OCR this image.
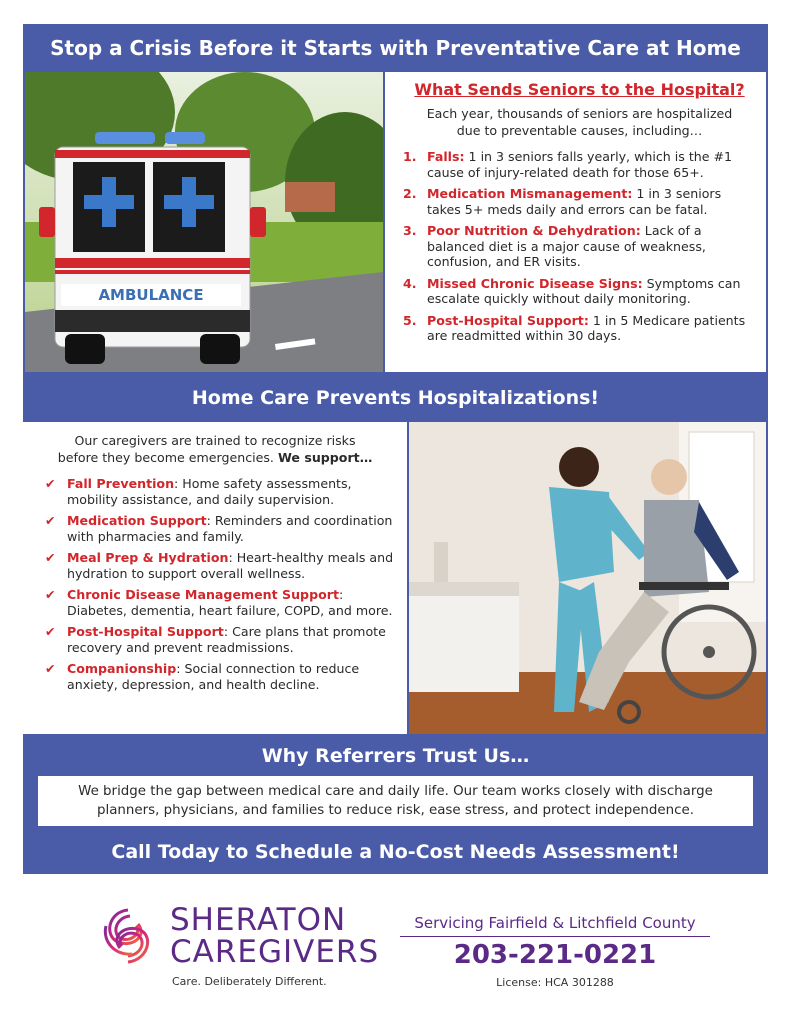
Stop a Crisis Before it Starts with Preventative Care at Home
AMBULANCE
What Sends Seniors to the Hospital?
Each year, thousands of seniors are hospitalized
due to preventable causes, including…
1. Falls: 1 in 3 seniors falls yearly, which is the #1 cause of injury-related death for those 65+.
2. Medication Mismanagement: 1 in 3 seniors takes 5+ meds daily and errors can be fatal.
3. Poor Nutrition & Dehydration: Lack of a balanced diet is a major cause of weakness, confusion, and ER visits.
4. Missed Chronic Disease Signs: Symptoms can escalate quickly without daily monitoring.
5. Post-Hospital Support: 1 in 5 Medicare patients are readmitted within 30 days.
Home Care Prevents Hospitalizations!
Our caregivers are trained to recognize risks
before they become emergencies. We support…
✔ Fall Prevention: Home safety assessments, mobility assistance, and daily supervision.
✔ Medication Support: Reminders and coordination with pharmacies and family.
✔ Meal Prep & Hydration: Heart-healthy meals and hydration to support overall wellness.
✔ Chronic Disease Management Support: Diabetes, dementia, heart failure, COPD, and more.
✔ Post-Hospital Support: Care plans that promote recovery and prevent readmissions.
✔ Companionship: Social connection to reduce anxiety, depression, and health decline.
Why Referrers Trust Us…
We bridge the gap between medical care and daily life. Our team works closely with discharge
planners, physicians, and families to reduce risk, ease stress, and protect independence.
Call Today to Schedule a No-Cost Needs Assessment!
SHERATON
CAREGIVERS
Care. Deliberately Different.
Servicing Fairfield & Litchfield County
203-221-0221
License: HCA 301288
